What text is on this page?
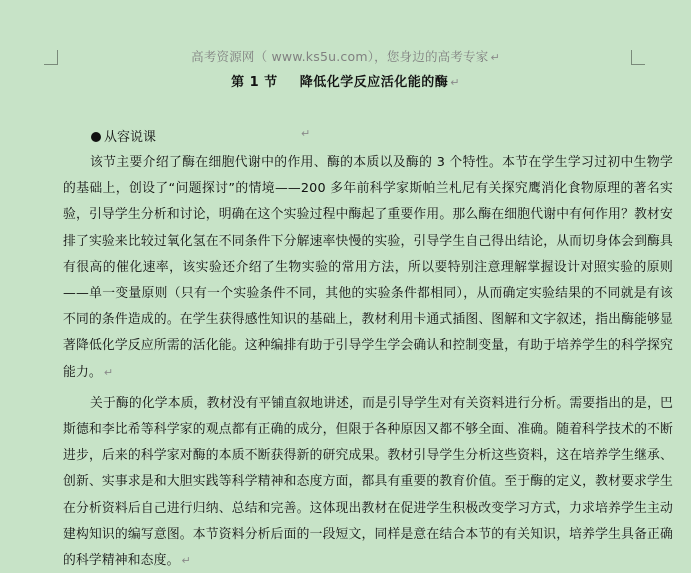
高考资源网（ www.ks5u.com），您身边的高考专家 ↵
第 1 节 降低化学反应活化能的酶 ↵
从容说课	↵

该节主要介绍了酶在细胞代谢中的作用、酶的本质以及酶的 3 个特性。本节在学生学习过初中生物学的基础上，创设了“问题探讨”的情境——200 多年前科学家斯帕兰札尼有关探究鹰消化食物原理的著名实验，引导学生分析和讨论，明确在这个实验过程中酶起了重要作用。那么酶在细胞代谢中有何作用？教材安排了实验来比较过氧化氢在不同条件下分解速率快慢的实验，引导学生自己得出结论，从而切身体会到酶具有很高的催化速率，该实验还介绍了生物实验的常用方法，所以要特别注意理解掌握设计对照实验的原则——单一变量原则（只有一个实验条件不同，其他的实验条件都相同），从而确定实验结果的不同就是有该不同的条件造成的。在学生获得感性知识的基础上，教材利用卡通式插图、图解和文字叙述，指出酶能够显著降低化学反应所需的活化能。这种编排有助于引导学生学会确认和控制变量，有助于培养学生的科学探究能力。 ↵

关于酶的化学本质，教材没有平铺直叙地讲述，而是引导学生对有关资料进行分析。需要指出的是，巴斯德和李比希等科学家的观点都有正确的成分，但限于各种原因又都不够全面、准确。随着科学技术的不断进步，后来的科学家对酶的本质不断获得新的研究成果。教材引导学生分析这些资料，这在培养学生继承、创新、实事求是和大胆实践等科学精神和态度方面，都具有重要的教育价值。至于酶的定义，教材要求学生在分析资料后自己进行归纳、总结和完善。这体现出教材在促进学生积极改变学习方式，力求培养学生主动建构知识的编写意图。本节资料分析后面的一段短文，同样是意在结合本节的有关知识，培养学生具备正确的科学精神和态度。 ↵
